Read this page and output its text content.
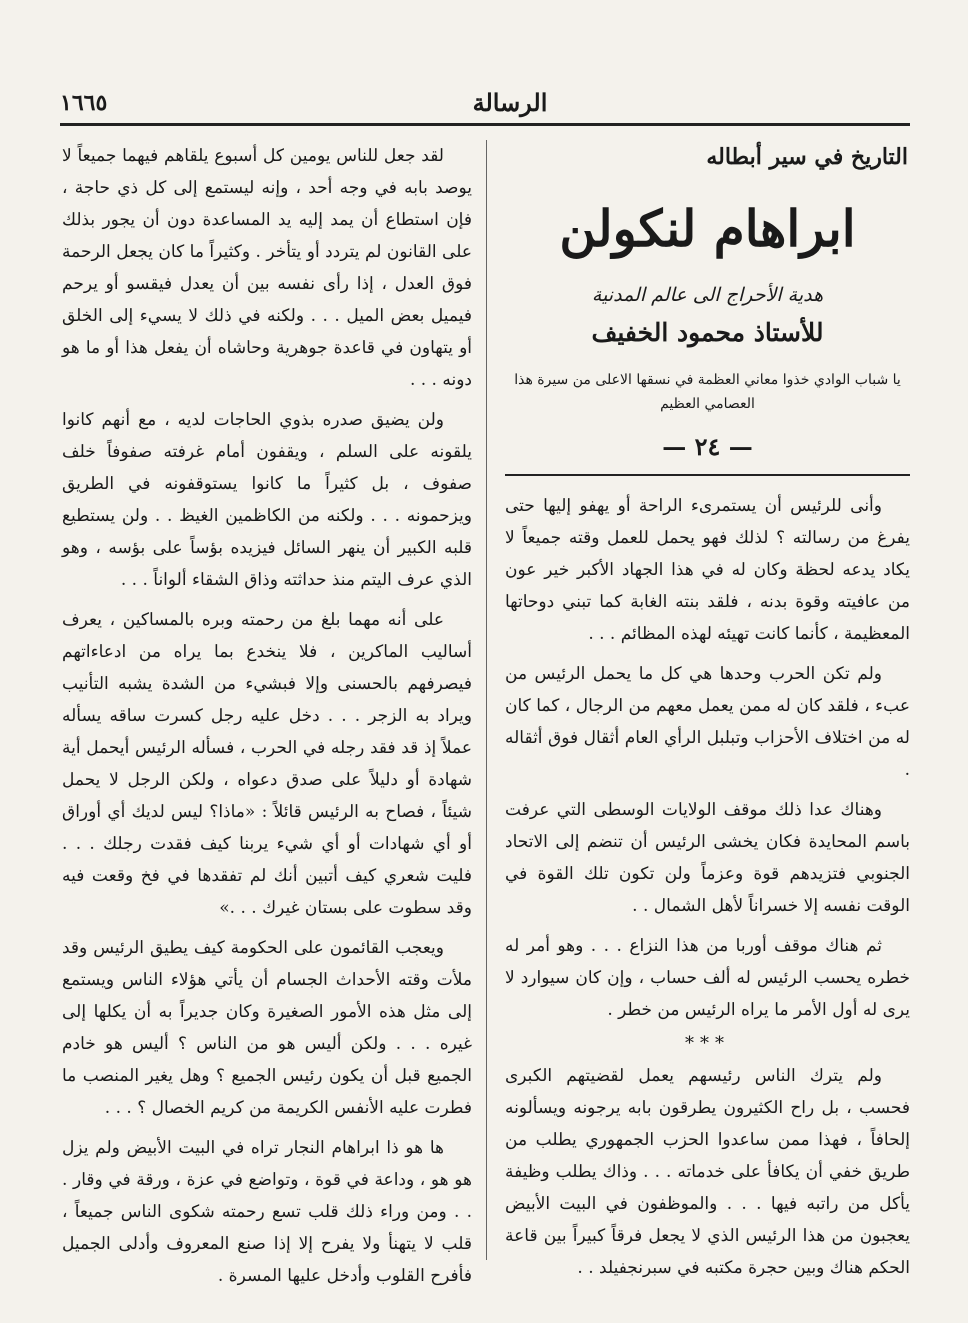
١٦٦٥	الرسالة
التاريخ في سير أبطاله
ابراهام لنكولن
هدية الأحراج الى عالم المدنية
للأستاذ محمود الخفيف
يا شباب الوادي خذوا معاني العظمة في نسقها الاعلى من سيرة هذا العصامي العظيم
— ٢٤ —

وأنى للرئيس أن يستمرىء الراحة أو يهفو إليها حتى يفرغ من رسالته ؟ لذلك فهو يحمل للعمل وقته جميعاً لا يكاد يدعه لحظة وكان له في هذا الجهاد الأكبر خير عون من عافيته وقوة بدنه ، فلقد بنته الغابة كما تبني دوحاتها المعظيمة ، كأنما كانت تهيئه لهذه المظائم . . .

ولم تكن الحرب وحدها هي كل ما يحمل الرئيس من عبء ، فلقد كان له ممن يعمل معهم من الرجال ، كما كان له من اختلاف الأحزاب وتبلبل الرأي العام أثقال فوق أثقاله .

وهناك عدا ذلك موقف الولايات الوسطى التي عرفت باسم المحايدة فكان يخشى الرئيس أن تنضم إلى الاتحاد الجنوبي فتزيدهم قوة وعزماً ولن تكون تلك القوة في الوقت نفسه إلا خسراناً لأهل الشمال . .

ثم هناك موقف أوربا من هذا النزاع . . . وهو أمر له خطره يحسب الرئيس له ألف حساب ، وإن كان سيوارد لا يرى له أول الأمر ما يراه الرئيس من خطر .

***

ولم يترك الناس رئيسهم يعمل لقضيتهم الكبرى فحسب ، بل راح الكثيرون يطرقون بابه يرجونه ويسألونه إلحافاً ، فهذا ممن ساعدوا الحزب الجمهوري يطلب من طريق خفي أن يكافأ على خدماته . . . وذاك يطلب وظيفة يأكل من راتبه فيها . . . والموظفون في البيت الأبيض يعجبون من هذا الرئيس الذي لا يجعل فرقاً كبيراً بين قاعة الحكم هناك وبين حجرة مكتبه في سبرنجفيلد . .

لقد جعل للناس يومين كل أسبوع يلقاهم فيهما جميعاً لا يوصد بابه في وجه أحد ، وإنه ليستمع إلى كل ذي حاجة ، فإن استطاع أن يمد إليه يد المساعدة دون أن يجور بذلك على القانون لم يتردد أو يتأخر . وكثيراً ما كان يجعل الرحمة فوق العدل ، إذا رأى نفسه بين أن يعدل فيقسو أو يرحم فيميل بعض الميل . . . ولكنه في ذلك لا يسيء إلى الخلق أو يتهاون في قاعدة جوهرية وحاشاه أن يفعل هذا أو ما هو دونه . . .

ولن يضيق صدره بذوي الحاجات لديه ، مع أنهم كانوا يلقونه على السلم ، ويقفون أمام غرفته صفوفاً خلف صفوف ، بل كثيراً ما كانوا يستوقفونه في الطريق ويزحمونه . . . ولكنه من الكاظمين الغيظ . . ولن يستطيع قلبه الكبير أن ينهر السائل فيزيده بؤساً على بؤسه ، وهو الذي عرف اليتم منذ حداثته وذاق الشقاء ألواناً . . .

على أنه مهما بلغ من رحمته وبره بالمساكين ، يعرف أساليب الماكرين ، فلا ينخدع بما يراه من ادعاءاتهم فيصرفهم بالحسنى وإلا فبشيء من الشدة يشبه التأنيب ويراد به الزجر . . . دخل عليه رجل كسرت ساقه يسأله عملاً إذ قد فقد رجله في الحرب ، فسأله الرئيس أيحمل أية شهادة أو دليلاً على صدق دعواه ، ولكن الرجل لا يحمل شيئاً ، فصاح به الرئيس قائلاً : «ماذا؟ ليس لديك أي أوراق أو أي شهادات أو أي شيء يربنا كيف فقدت رجلك . . . فليت شعري كيف أتبين أنك لم تفقدها في فخ وقعت فيه وقد سطوت على بستان غيرك . . .»

ويعجب القائمون على الحكومة كيف يطيق الرئيس وقد ملأت وقته الأحداث الجسام أن يأتي هؤلاء الناس ويستمع إلى مثل هذه الأمور الصغيرة وكان جديراً به أن يكلها إلى غيره . . . ولكن أليس هو من الناس ؟ أليس هو خادم الجميع قبل أن يكون رئيس الجميع ؟ وهل يغير المنصب ما فطرت عليه الأنفس الكريمة من كريم الخصال ؟ . . .

ها هو ذا ابراهام النجار تراه في البيت الأبيض ولم يزل هو هو ، وداعة في قوة ، وتواضع في عزة ، ورقة في وقار . . . ومن وراء ذلك قلب تسع رحمته شكوى الناس جميعاً ، قلب لا يتهنأ ولا يفرح إلا إذا صنع المعروف وأدلى الجميل فأفرح القلوب وأدخل عليها المسرة .
